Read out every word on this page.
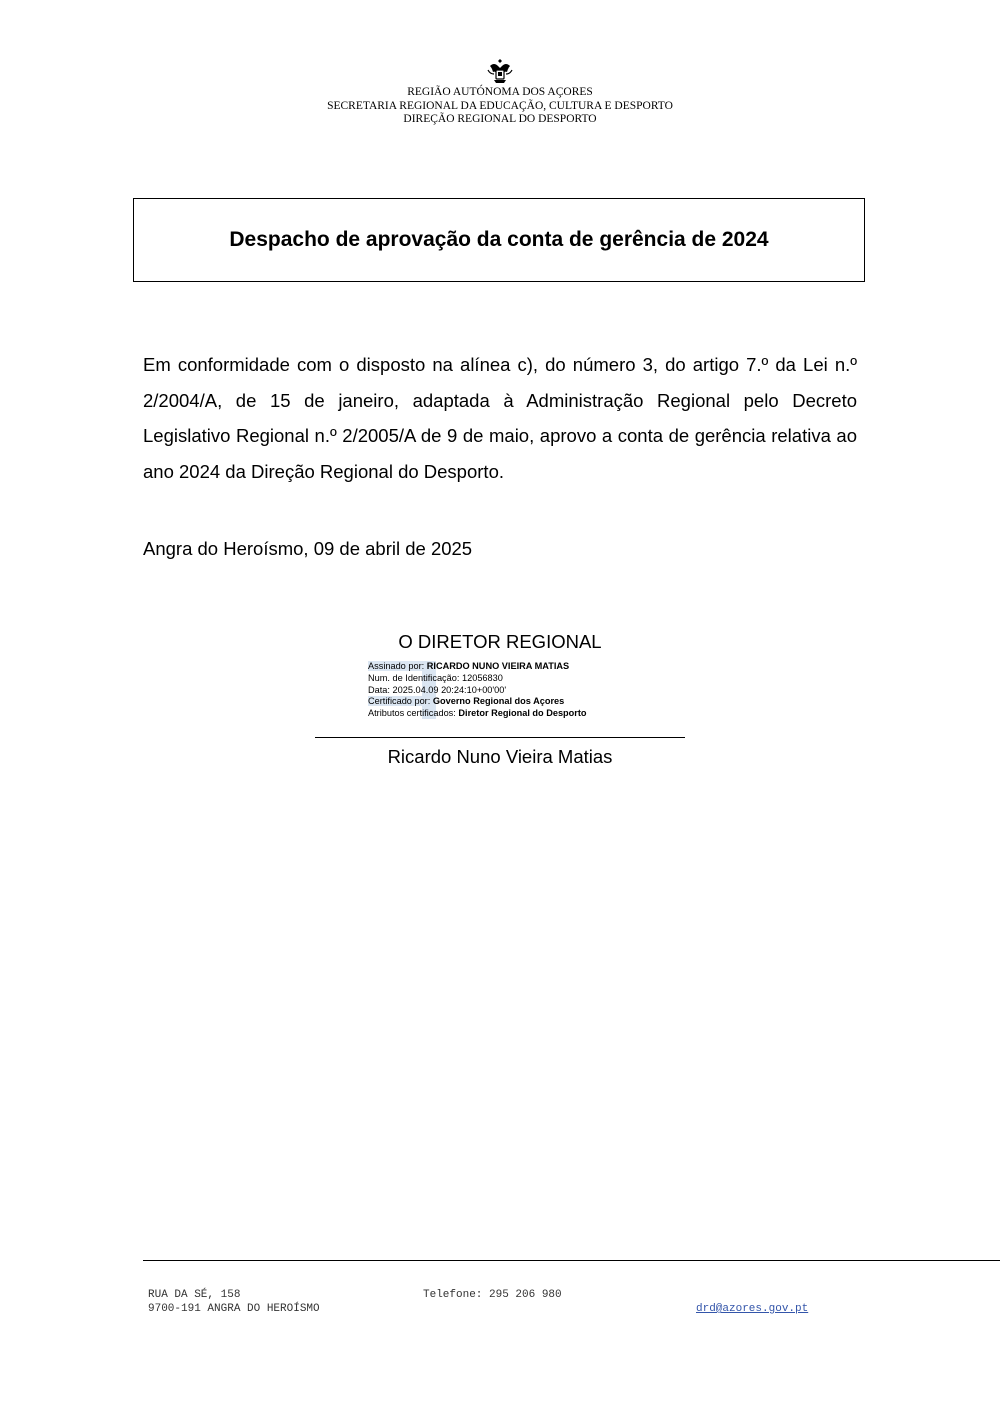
REGIÃO AUTÓNOMA DOS AÇORES
SECRETARIA REGIONAL DA EDUCAÇÃO, CULTURA E DESPORTO
DIREÇÃO REGIONAL DO DESPORTO
Despacho de aprovação da conta de gerência de 2024
Em conformidade com o disposto na alínea c), do número 3, do artigo 7.º da Lei n.º 2/2004/A, de 15 de janeiro, adaptada à Administração Regional pelo Decreto Legislativo Regional n.º 2/2005/A de 9 de maio, aprovo a conta de gerência relativa ao ano 2024 da Direção Regional do Desporto.
Angra do Heroísmo, 09 de abril de 2025
O DIRETOR REGIONAL
Assinado por: RICARDO NUNO VIEIRA MATIAS
Num. de Identificação: 12056830
Data: 2025.04.09 20:24:10+00'00'
Certificado por: Governo Regional dos Açores
Atributos certificados: Diretor Regional do Desporto
Ricardo Nuno Vieira Matias
RUA DA SÉ, 158
9700-191 ANGRA DO HEROÍSMO
Telefone: 295 206 980
drd@azores.gov.pt
